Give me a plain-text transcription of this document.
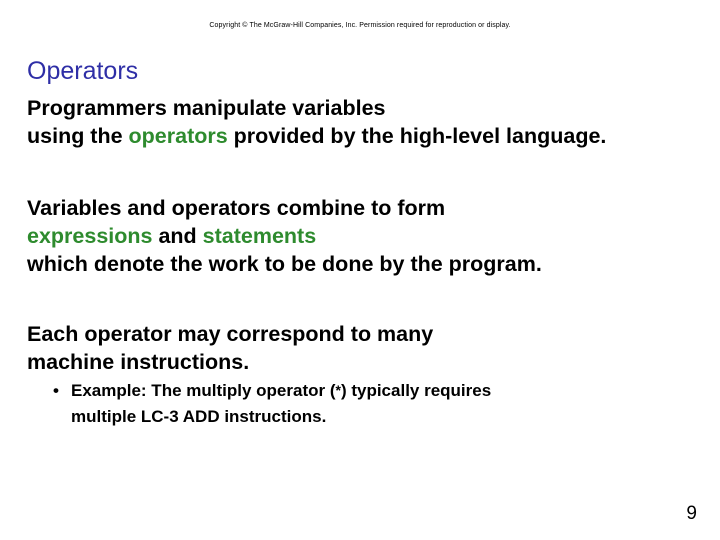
Copyright © The McGraw-Hill Companies, Inc. Permission required for reproduction or display.
Operators

Programmers manipulate variables
using the operators provided by the high-level language.

Variables and operators combine to form
expressions and statements
which denote the work to be done by the program.

Each operator may correspond to many
machine instructions.

• Example: The multiply operator (*) typically requires
multiple LC-3 ADD instructions.
9
